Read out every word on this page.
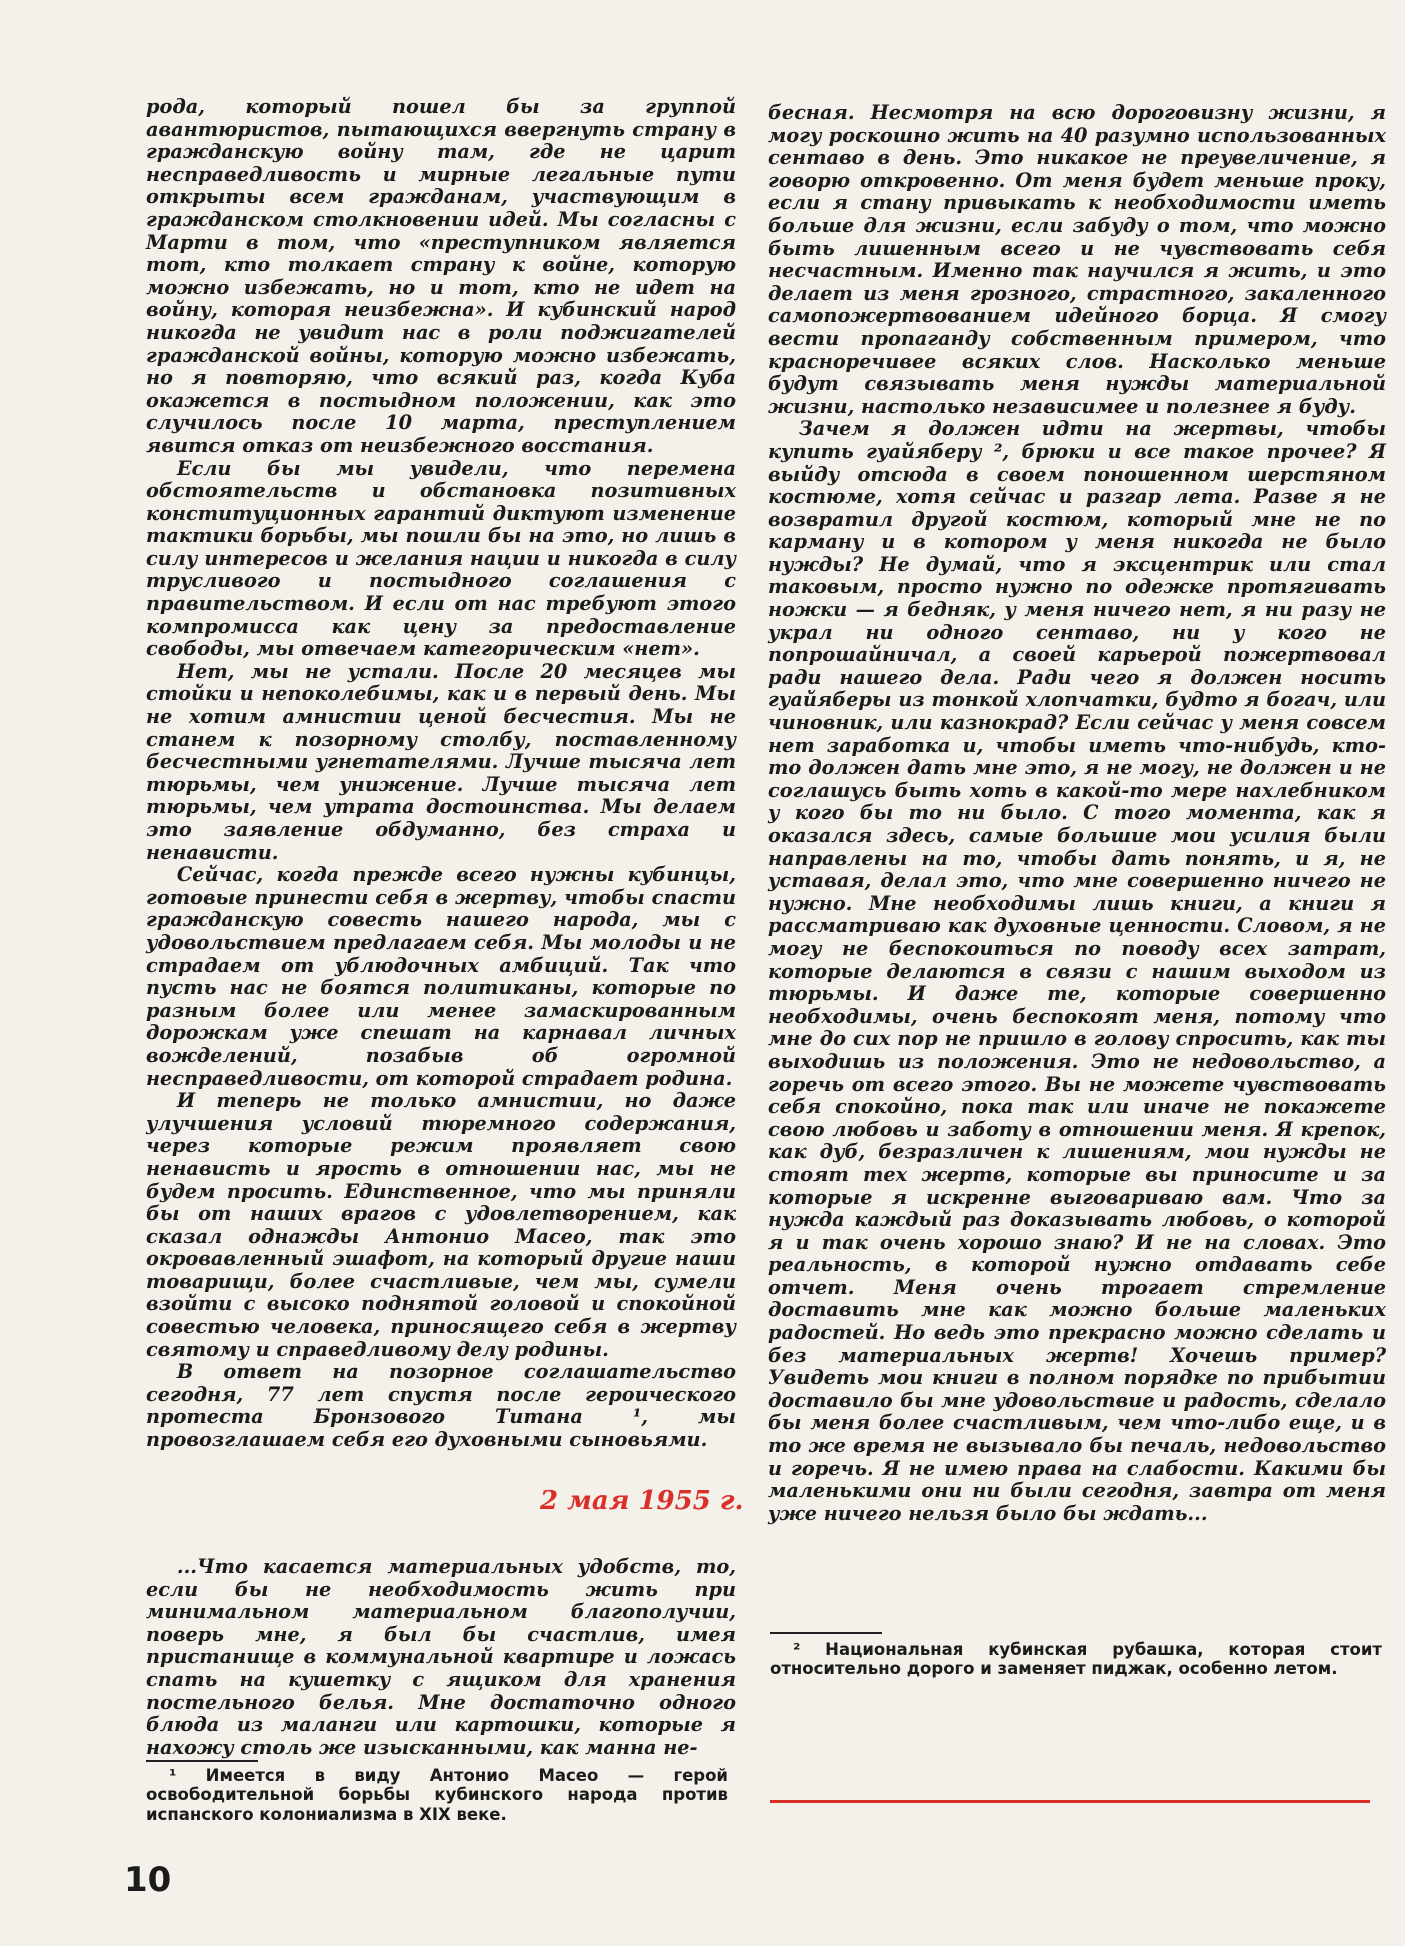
рода, который пошел бы за группой авантюристов, пытающихся ввергнуть страну в гражданскую войну там, где не царит несправедливость и мирные легальные пути открыты всем гражданам, участвующим в гражданском столкновении идей. Мы согласны с Марти в том, что «преступником является тот, кто толкает страну к войне, которую можно избежать, но и тот, кто не идет на войну, которая неизбежна». И кубинский народ никогда не увидит нас в роли поджигателей гражданской войны, которую можно избежать, но я повторяю, что всякий раз, когда Куба окажется в постыдном положении, как это случилось после 10 марта, преступлением явится отказ от неизбежного восстания.

Если бы мы увидели, что перемена обстоятельств и обстановка позитивных конституционных гарантий диктуют изменение тактики борьбы, мы пошли бы на это, но лишь в силу интересов и желания нации и никогда в силу трусливого и постыдного соглашения с правительством. И если от нас требуют этого компромисса как цену за предоставление свободы, мы отвечаем категорическим «нет».

Нет, мы не устали. После 20 месяцев мы стойки и непоколебимы, как и в первый день. Мы не хотим амнистии ценой бесчестия. Мы не станем к позорному столбу, поставленному бесчестными угнетателями. Лучше тысяча лет тюрьмы, чем унижение. Лучше тысяча лет тюрьмы, чем утрата достоинства. Мы делаем это заявление обдуманно, без страха и ненависти.

Сейчас, когда прежде всего нужны кубинцы, готовые принести себя в жертву, чтобы спасти гражданскую совесть нашего народа, мы с удовольствием предлагаем себя. Мы молоды и не страдаем от ублюдочных амбиций. Так что пусть нас не боятся политиканы, которые по разным более или менее замаскированным дорожкам уже спешат на карнавал личных вожделений, позабыв об огромной несправедливости, от которой страдает родина.

И теперь не только амнистии, но даже улучшения условий тюремного содержания, через которые режим проявляет свою ненависть и ярость в отношении нас, мы не будем просить. Единственное, что мы приняли бы от наших врагов с удовлетворением, как сказал однажды Антонио Масео, так это окровавленный эшафот, на который другие наши товарищи, более счастливые, чем мы, сумели взойти с высоко поднятой головой и спокойной совестью человека, приносящего себя в жертву святому и справедливому делу родины.

В ответ на позорное соглашательство сегодня, 77 лет спустя после героического протеста Бронзового Титана ¹, мы провозглашаем себя его духовными сыновьями.

2 мая 1955 г.

...Что касается материальных удобств, то, если бы не необходимость жить при минимальном материальном благополучии, поверь мне, я был бы счастлив, имея пристанище в коммунальной квартире и ложась спать на кушетку с ящиком для хранения постельного белья. Мне достаточно одного блюда из маланги или картошки, которые я нахожу столь же изысканными, как манна не-

¹ Имеется в виду Антонио Масео — герой освободительной борьбы кубинского народа против испанского колониализма в XIX веке.

бесная. Несмотря на всю дороговизну жизни, я могу роскошно жить на 40 разумно использованных сентаво в день. Это никакое не преувеличение, я говорю откровенно. От меня будет меньше проку, если я стану привыкать к необходимости иметь больше для жизни, если забуду о том, что можно быть лишенным всего и не чувствовать себя несчастным. Именно так научился я жить, и это делает из меня грозного, страстного, закаленного самопожертвованием идейного борца. Я смогу вести пропаганду собственным примером, что красноречивее всяких слов. Насколько меньше будут связывать меня нужды материальной жизни, настолько независимее и полезнее я буду.

Зачем я должен идти на жертвы, чтобы купить гуайяберу ², брюки и все такое прочее? Я выйду отсюда в своем поношенном шерстяном костюме, хотя сейчас и разгар лета. Разве я не возвратил другой костюм, который мне не по карману и в котором у меня никогда не было нужды? Не думай, что я эксцентрик или стал таковым, просто нужно по одежке протягивать ножки — я бедняк, у меня ничего нет, я ни разу не украл ни одного сентаво, ни у кого не попрошайничал, а своей карьерой пожертвовал ради нашего дела. Ради чего я должен носить гуайяберы из тонкой хлопчатки, будто я богач, или чиновник, или казнокрад? Если сейчас у меня совсем нет заработка и, чтобы иметь что-нибудь, кто-то должен дать мне это, я не могу, не должен и не соглашусь быть хоть в какой-то мере нахлебником у кого бы то ни было. С того момента, как я оказался здесь, самые большие мои усилия были направлены на то, чтобы дать понять, и я, не уставая, делал это, что мне совершенно ничего не нужно. Мне необходимы лишь книги, а книги я рассматриваю как духовные ценности. Словом, я не могу не беспокоиться по поводу всех затрат, которые делаются в связи с нашим выходом из тюрьмы. И даже те, которые совершенно необходимы, очень беспокоят меня, потому что мне до сих пор не пришло в голову спросить, как ты выходишь из положения. Это не недовольство, а горечь от всего этого. Вы не можете чувствовать себя спокойно, пока так или иначе не покажете свою любовь и заботу в отношении меня. Я крепок, как дуб, безразличен к лишениям, мои нужды не стоят тех жертв, которые вы приносите и за которые я искренне выговариваю вам. Что за нужда каждый раз доказывать любовь, о которой я и так очень хорошо знаю? И не на словах. Это реальность, в которой нужно отдавать себе отчет. Меня очень трогает стремление доставить мне как можно больше маленьких радостей. Но ведь это прекрасно можно сделать и без материальных жертв! Хочешь пример? Увидеть мои книги в полном порядке по прибытии доставило бы мне удовольствие и радость, сделало бы меня более счастливым, чем что-либо еще, и в то же время не вызывало бы печаль, недовольство и горечь. Я не имею права на слабости. Какими бы маленькими они ни были сегодня, завтра от меня уже ничего нельзя было бы ждать...

² Национальная кубинская рубашка, которая стоит относительно дорого и заменяет пиджак, особенно летом.

10
